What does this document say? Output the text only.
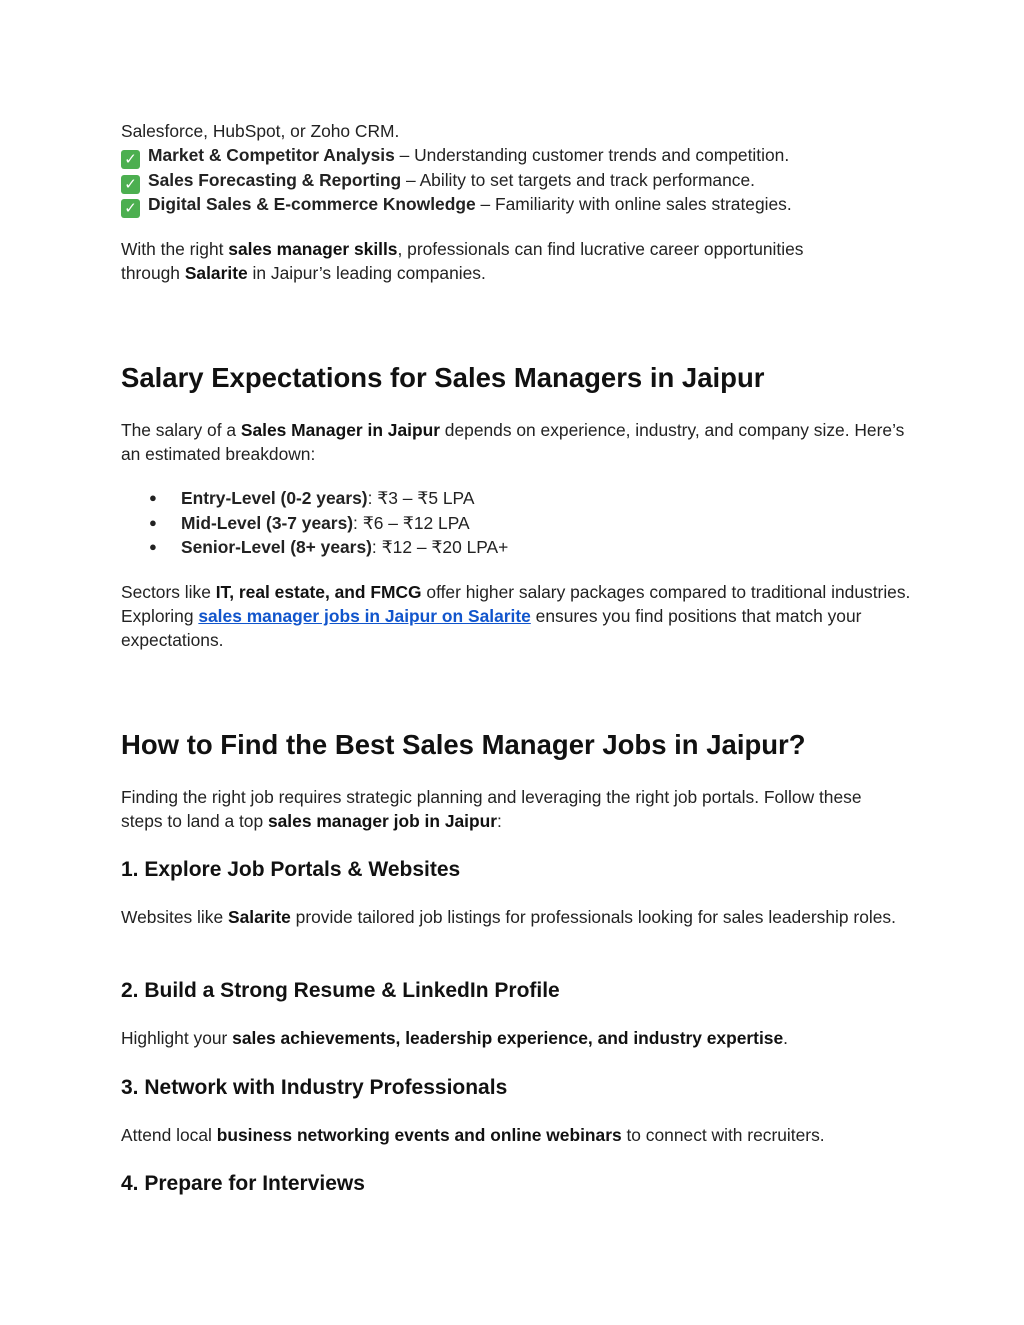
Salesforce, HubSpot, or Zoho CRM.

✓ Market & Competitor Analysis – Understanding customer trends and competition.

✓ Sales Forecasting & Reporting – Ability to set targets and track performance.

✓ Digital Sales & E-commerce Knowledge – Familiarity with online sales strategies.

With the right sales manager skills, professionals can find lucrative career opportunities through Salarite in Jaipur’s leading companies.

Salary Expectations for Sales Managers in Jaipur

The salary of a Sales Manager in Jaipur depends on experience, industry, and company size. Here’s an estimated breakdown:

● Entry-Level (0-2 years): ₹3 – ₹5 LPA
● Mid-Level (3-7 years): ₹6 – ₹12 LPA
● Senior-Level (8+ years): ₹12 – ₹20 LPA+

Sectors like IT, real estate, and FMCG offer higher salary packages compared to traditional industries. Exploring sales manager jobs in Jaipur on Salarite ensures you find positions that match your expectations.

How to Find the Best Sales Manager Jobs in Jaipur?

Finding the right job requires strategic planning and leveraging the right job portals. Follow these steps to land a top sales manager job in Jaipur:

1. Explore Job Portals & Websites

Websites like Salarite provide tailored job listings for professionals looking for sales leadership roles.

2. Build a Strong Resume & LinkedIn Profile

Highlight your sales achievements, leadership experience, and industry expertise.

3. Network with Industry Professionals

Attend local business networking events and online webinars to connect with recruiters.

4. Prepare for Interviews
